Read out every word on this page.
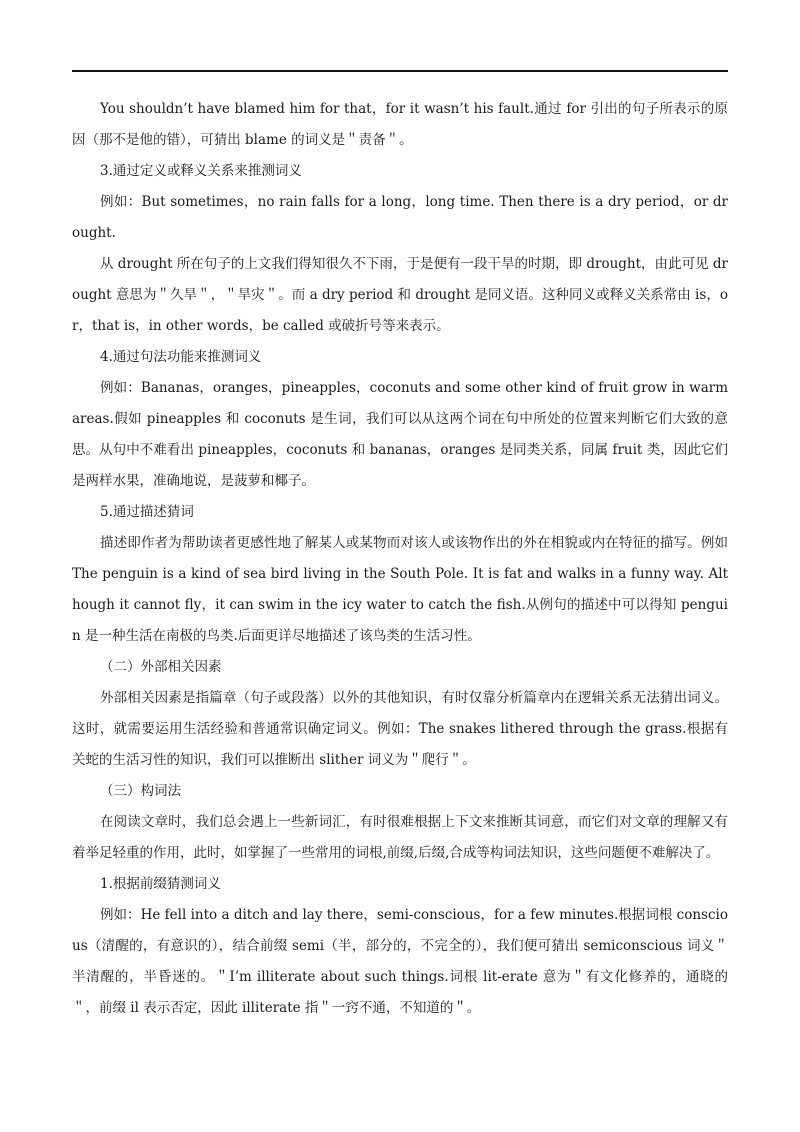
You shouldn’t have blamed him for that，for it wasn’t his fault.通过 for 引出的句子所表示的原因（那不是他的错），可猜出 blame 的词义是＂责备＂。

3.通过定义或释义关系来推测词义

例如：But sometimes，no rain falls for a long，long time. Then there is a dry period，or drought.

从 drought 所在句子的上文我们得知很久不下雨，于是便有一段干旱的时期，即 drought，由此可见 drought 意思为＂久旱＂，＂旱灾＂。而 a dry period 和 drought 是同义语。这种同义或释义关系常由 is，or，that is，in other words，be called 或破折号等来表示。

4.通过句法功能来推测词义

例如：Bananas，oranges，pineapples，coconuts and some other kind of fruit grow in warm areas.假如 pineapples 和 coconuts 是生词，我们可以从这两个词在句中所处的位置来判断它们大致的意思。从句中不难看出 pineapples，coconuts 和 bananas，oranges 是同类关系，同属 fruit 类，因此它们是两样水果，准确地说，是菠萝和椰子。

5.通过描述猜词

描述即作者为帮助读者更感性地了解某人或某物而对该人或该物作出的外在相貌或内在特征的描写。例如 The penguin is a kind of sea bird living in the South Pole. It is fat and walks in a funny way. Although it cannot fly，it can swim in the icy water to catch the fish.从例句的描述中可以得知 penguin 是一种生活在南极的鸟类.后面更详尽地描述了该鸟类的生活习性。

（二）外部相关因素

外部相关因素是指篇章（句子或段落）以外的其他知识，有时仅靠分析篇章内在逻辑关系无法猜出词义。这时，就需要运用生活经验和普通常识确定词义。例如：The snakes lithered through the grass.根据有关蛇的生活习性的知识，我们可以推断出 slither 词义为＂爬行＂。

（三）构词法

在阅读文章时，我们总会遇上一些新词汇，有时很难根据上下文来推断其词意，而它们对文章的理解又有着举足轻重的作用，此时，如掌握了一些常用的词根,前缀,后缀,合成等构词法知识，这些问题便不难解决了。

1.根据前缀猜测词义

例如：He fell into a ditch and lay there，semi-conscious，for a few minutes.根据词根 conscious（清醒的，有意识的），结合前缀 semi（半，部分的，不完全的），我们便可猜出 semiconscious 词义＂半清醒的，半昏迷的。＂I’m illiterate about such things.词根 lit-erate 意为＂有文化修养的，通晓的＂，前缀 il 表示否定，因此 illiterate 指＂一窍不通，不知道的＂。
